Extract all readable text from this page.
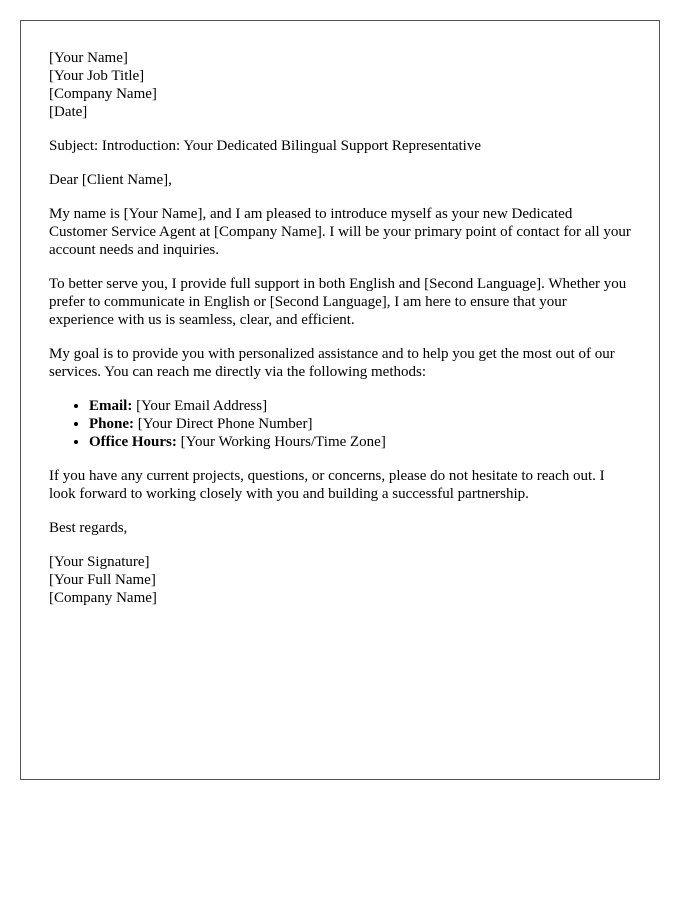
[Your Name]
[Your Job Title]
[Company Name]
[Date]

Subject: Introduction: Your Dedicated Bilingual Support Representative

Dear [Client Name],

My name is [Your Name], and I am pleased to introduce myself as your new Dedicated Customer Service Agent at [Company Name]. I will be your primary point of contact for all your account needs and inquiries.

To better serve you, I provide full support in both English and [Second Language]. Whether you prefer to communicate in English or [Second Language], I am here to ensure that your experience with us is seamless, clear, and efficient.

My goal is to provide you with personalized assistance and to help you get the most out of our services. You can reach me directly via the following methods:

• Email: [Your Email Address]
• Phone: [Your Direct Phone Number]
• Office Hours: [Your Working Hours/Time Zone]

If you have any current projects, questions, or concerns, please do not hesitate to reach out. I look forward to working closely with you and building a successful partnership.

Best regards,

[Your Signature]
[Your Full Name]
[Company Name]
